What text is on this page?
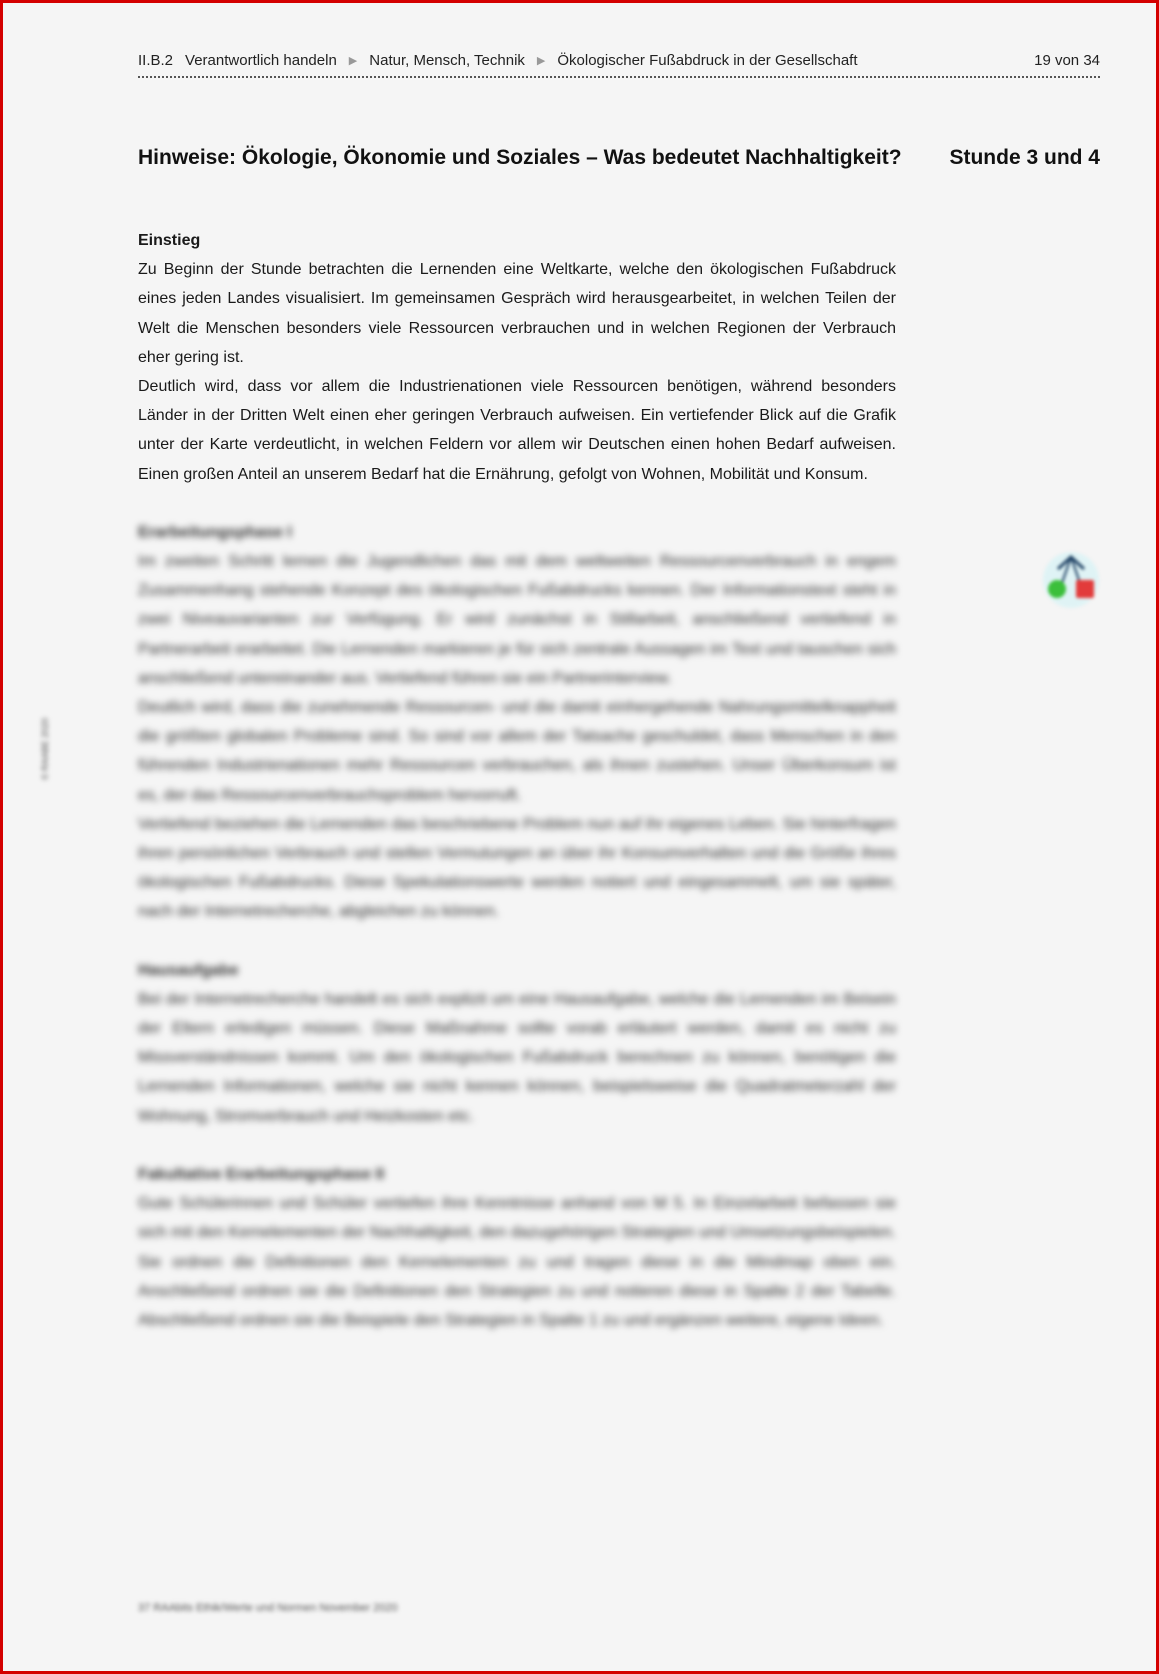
II.B.2 Verantwortlich handeln ▶ Natur, Mensch, Technik ▶ Ökologischer Fußabdruck in der Gesellschaft	19 von 34
Hinweise: Ökologie, Ökonomie und Soziales – Was bedeutet Nachhaltigkeit? Stunde 3 und 4
Einstieg

Zu Beginn der Stunde betrachten die Lernenden eine Weltkarte, welche den ökologischen Fußabdruck eines jeden Landes visualisiert. Im gemeinsamen Gespräch wird herausgearbeitet, in welchen Teilen der Welt die Menschen besonders viele Ressourcen verbrauchen und in welchen Regionen der Verbrauch eher gering ist.

Deutlich wird, dass vor allem die Industrienationen viele Ressourcen benötigen, während besonders Länder in der Dritten Welt einen eher geringen Verbrauch aufweisen. Ein vertiefender Blick auf die Grafik unter der Karte verdeutlicht, in welchen Feldern vor allem wir Deutschen einen hohen Bedarf aufweisen. Einen großen Anteil an unserem Bedarf hat die Ernährung, gefolgt von Wohnen, Mobilität und Konsum.

Erarbeitungsphase I

Im zweiten Schritt lernen die Jugendlichen das mit dem weltweiten Ressourcenverbrauch in engem Zusammenhang stehende Konzept des ökologischen Fußabdrucks kennen. Der Informationstext steht in zwei Niveauvarianten zur Verfügung. Er wird zunächst in Stillarbeit, anschließend vertiefend in Partnerarbeit erarbeitet. Die Lernenden markieren je für sich zentrale Aussagen im Text und tauschen sich anschließend untereinander aus. Vertiefend führen sie ein Partnerinterview.

Deutlich wird, dass die zunehmende Ressourcen- und die damit einhergehende Nahrungsmittelknappheit die größten globalen Probleme sind. So sind vor allem der Tatsache geschuldet, dass Menschen in den führenden Industrienationen mehr Ressourcen verbrauchen, als ihnen zustehen. Unser Überkonsum ist es, der das Ressourcenverbrauchsproblem hervorruft.

Vertiefend beziehen die Lernenden das beschriebene Problem nun auf ihr eigenes Leben. Sie hinterfragen ihren persönlichen Verbrauch und stellen Vermutungen an über ihr Konsumverhalten und die Größe ihres ökologischen Fußabdrucks. Diese Spekulationswerte werden notiert und eingesammelt, um sie später, nach der Internetrecherche, abgleichen zu können.

Hausaufgabe

Bei der Internetrecherche handelt es sich explizit um eine Hausaufgabe, welche die Lernenden im Beisein der Eltern erledigen müssen. Diese Maßnahme sollte vorab erläutert werden, damit es nicht zu Missverständnissen kommt. Um den ökologischen Fußabdruck berechnen zu können, benötigen die Lernenden Informationen, welche sie nicht kennen können, beispielsweise die Quadratmeterzahl der Wohnung, Stromverbrauch und Heizkosten etc.

Fakultative Erarbeitungsphase II

Gute Schülerinnen und Schüler vertiefen ihre Kenntnisse anhand von M 5. In Einzelarbeit befassen sie sich mit den Kernelementen der Nachhaltigkeit, den dazugehörigen Strategien und Umsetzungsbeispielen. Sie ordnen die Definitionen den Kernelementen zu und tragen diese in die Mindmap oben ein. Anschließend ordnen sie die Definitionen den Strategien zu und notieren diese in Spalte 2 der Tabelle. Abschließend ordnen sie die Beispiele den Strategien in Spalte 1 zu und ergänzen weitere, eigene Ideen.

© RAABE 2020
37 RAAbits Ethik/Werte und Normen November 2020
